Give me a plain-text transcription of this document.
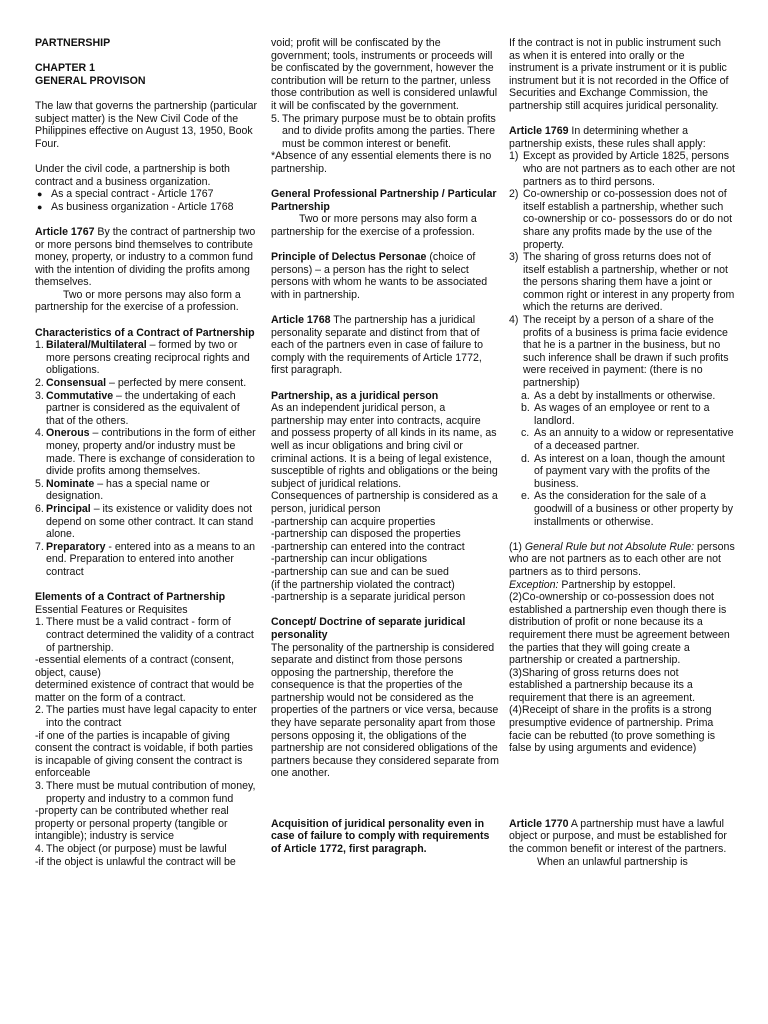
PARTNERSHIP

CHAPTER 1

GENERAL PROVISON

The law that governs the partnership (particular subject matter) is the New Civil Code of the Philippines effective on August 13, 1950, Book Four.

Under the civil code, a partnership is both contract and a business organization.

● As a special contract - Article 1767
● As business organization - Article 1768

Article 1767 By the contract of partnership two or more persons bind themselves to contribute money, property, or industry to a common fund with the intention of dividing the profits among themselves.

Two or more persons may also form a partnership for the exercise of a profession.

Characteristics of a Contract of Partnership

1. Bilateral/Multilateral – formed by two or more persons creating reciprocal rights and obligations.
2. Consensual – perfected by mere consent.
3. Commutative – the undertaking of each partner is considered as the equivalent of that of the others.
4. Onerous – contributions in the form of either money, property and/or industry must be made. There is exchange of consideration to divide profits among themselves.
5. Nominate – has a special name or designation.
6. Principal – its existence or validity does not depend on some other contract. It can stand alone.
7. Preparatory - entered into as a means to an end. Preparation to entered into another contract

Elements of a Contract of Partnership

Essential Features or Requisites

1. There must be a valid contract - form of contract determined the validity of a contract of partnership.

-essential elements of a contract (consent, object, cause)

determined existence of contract that would be matter on the form of a contract.

2. The parties must have legal capacity to enter into the contract

-if one of the parties is incapable of giving consent the contract is voidable, if both parties is incapable of giving consent the contract is enforceable

3. There must be mutual contribution of money, property and industry to a common fund

-property can be contributed whether real property or personal property (tangible or intangible); industry is service

4. The object (or purpose) must be lawful

-if the object is unlawful the contract will be

void; profit will be confiscated by the government; tools, instruments or proceeds will be confiscated by the government, however the contribution will be return to the partner, unless those contribution as well is considered unlawful it will be confiscated by the government.

5. The primary purpose must be to obtain profits and to divide profits among the parties. There must be common interest or benefit.

*Absence of any essential elements there is no partnership.

General Professional Partnership / Particular Partnership

Two or more persons may also form a partnership for the exercise of a profession.

Principle of Delectus Personae (choice of persons) – a person has the right to select persons with whom he wants to be associated with in partnership.

Article 1768 The partnership has a juridical personality separate and distinct from that of each of the partners even in case of failure to comply with the requirements of Article 1772, first paragraph.

Partnership, as a juridical person

As an independent juridical person, a partnership may enter into contracts, acquire and possess property of all kinds in its name, as well as incur obligations and bring civil or criminal actions. It is a being of legal existence, susceptible of rights and obligations or the being subject of juridical relations.

Consequences of partnership is considered as a person, juridical person

-partnership can acquire properties

-partnership can disposed the properties

-partnership can entered into the contract

-partnership can incur obligations

-partnership can sue and can be sued

(if the partnership violated the contract)

-partnership is a separate juridical person

Concept/ Doctrine of separate juridical personality

The personality of the partnership is considered separate and distinct from those persons opposing the partnership, therefore the consequence is that the properties of the partnership would not be considered as the properties of the partners or vice versa, because they have separate personality apart from those persons opposing it, the obligations of the partnership are not considered obligations of the partners because they considered separate from one another.

Acquisition of juridical personality even in case of failure to comply with requirements of Article 1772, first paragraph.

If the contract is not in public instrument such as when it is entered into orally or the instrument is a private instrument or it is public instrument but it is not recorded in the Office of Securities and Exchange Commission, the partnership still acquires juridical personality.

Article 1769 In determining whether a partnership exists, these rules shall apply:

1) Except as provided by Article 1825, persons who are not partners as to each other are not partners as to third persons.
2) Co-ownership or co-possession does not of itself establish a partnership, whether such co-ownership or co- possessors do or do not share any profits made by the use of the property.
3) The sharing of gross returns does not of itself establish a partnership, whether or not the persons sharing them have a joint or common right or interest in any property from which the returns are derived.
4) The receipt by a person of a share of the profits of a business is prima facie evidence that he is a partner in the business, but no such inference shall be drawn if such profits were received in payment: (there is no partnership)
a. As a debt by installments or otherwise.
b. As wages of an employee or rent to a landlord.
c. As an annuity to a widow or representative of a deceased partner.
d. As interest on a loan, though the amount of payment vary with the profits of the business.
e. As the consideration for the sale of a goodwill of a business or other property by installments or otherwise.

(1) General Rule but not Absolute Rule: persons who are not partners as to each other are not partners as to third persons.

Exception: Partnership by estoppel.

(2)Co-ownership or co-possession does not established a partnership even though there is distribution of profit or none because its a requirement there must be agreement between the parties that they will going create a partnership or created a partnership.

(3)Sharing of gross returns does not established a partnership because its a requirement that there is an agreement.

(4)Receipt of share in the profits is a strong presumptive evidence of partnership. Prima facie can be rebutted (to prove something is false by using arguments and evidence)

Article 1770 A partnership must have a lawful object or purpose, and must be established for the common benefit or interest of the partners.

When an unlawful partnership is
